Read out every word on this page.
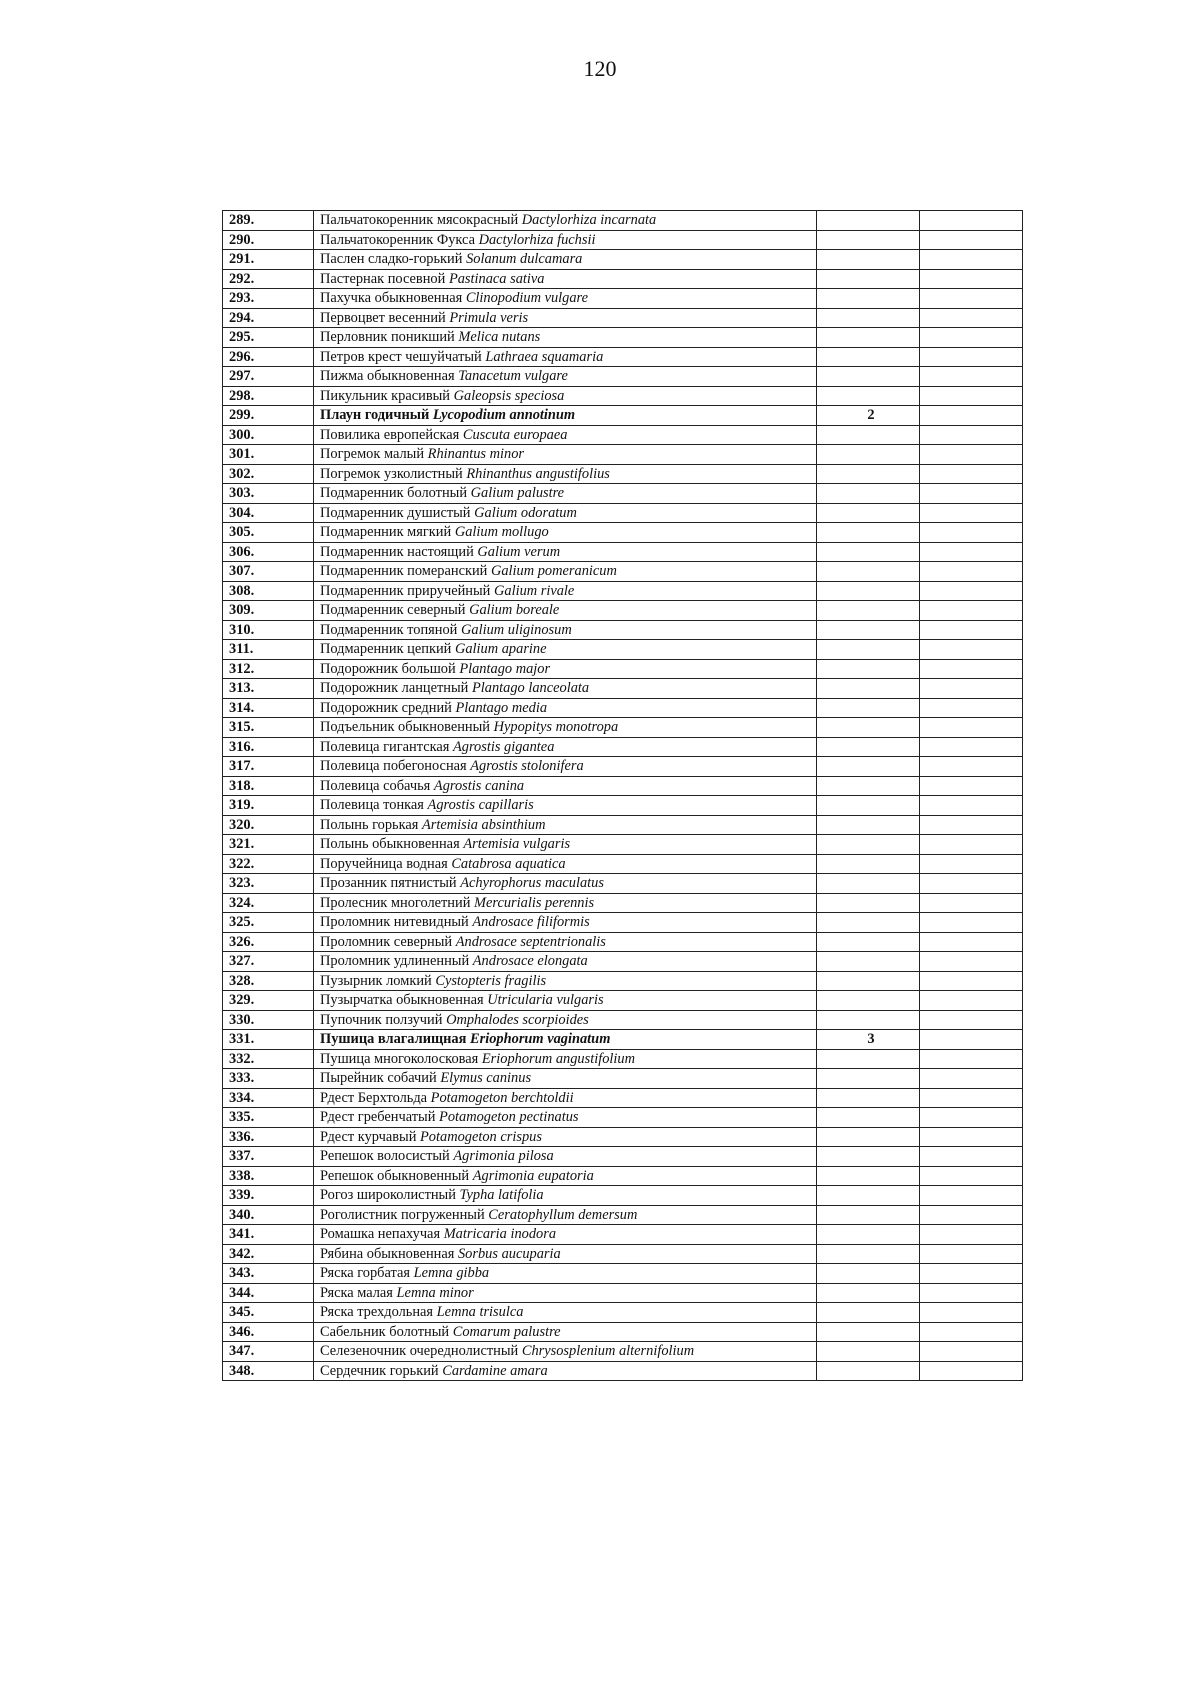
120
289.	Пальчатокоренник мясокрасный Dactylorhiza incarnata		
290.	Пальчатокоренник Фукса Dactylorhiza fuchsii		
291.	Паслен сладко-горький Solanum dulcamara		
292.	Пастернак посевной Pastinaca sativa		
293.	Пахучка обыкновенная Clinopodium vulgare		
294.	Первоцвет весенний Primula veris		
295.	Перловник поникший Melica nutans		
296.	Петров крест чешуйчатый Lathraea squamaria		
297.	Пижма обыкновенная Tanacetum vulgare		
298.	Пикульник красивый Galeopsis speciosa		
299.	Плаун годичный Lycopodium annotinum	2	
300.	Повилика европейская Cuscuta europaea		
301.	Погремок малый Rhinantus minor		
302.	Погремок узколистный Rhinanthus angustifolius		
303.	Подмаренник болотный Galium palustre		
304.	Подмаренник душистый Galium odoratum		
305.	Подмаренник мягкий Galium mollugo		
306.	Подмаренник настоящий Galium verum		
307.	Подмаренник померанский Galium pomeranicum		
308.	Подмаренник приручейный Galium rivale		
309.	Подмаренник северный Galium boreale		
310.	Подмаренник топяной Galium uliginosum		
311.	Подмаренник цепкий Galium aparine		
312.	Подорожник большой Plantago major		
313.	Подорожник ланцетный Plantago lanceolata		
314.	Подорожник средний Plantago media		
315.	Подъельник обыкновенный Hypopitys monotropa		
316.	Полевица гигантская Agrostis gigantea		
317.	Полевица побегоносная Agrostis stolonifera		
318.	Полевица собачья Agrostis canina		
319.	Полевица тонкая Agrostis capillaris		
320.	Полынь горькая Artemisia absinthium		
321.	Полынь обыкновенная Artemisia vulgaris		
322.	Поручейница водная Catabrosa aquatica		
323.	Прозанник пятнистый Achyrophorus maculatus		
324.	Пролесник многолетний Mercurialis perennis		
325.	Проломник нитевидный Androsace filiformis		
326.	Проломник северный Androsace septentrionalis		
327.	Проломник удлиненный Androsace elongata		
328.	Пузырник ломкий Cystopteris fragilis		
329.	Пузырчатка обыкновенная Utricularia vulgaris		
330.	Пупочник ползучий Omphalodes scorpioides		
331.	Пушица влагалищная Eriophorum vaginatum	3	
332.	Пушица многоколосковая Eriophorum angustifolium		
333.	Пырейник собачий Elymus caninus		
334.	Рдест Берхтольда Potamogeton berchtoldii		
335.	Рдест гребенчатый Potamogeton pectinatus		
336.	Рдест курчавый Potamogeton crispus		
337.	Репешок волосистый Agrimonia pilosa		
338.	Репешок обыкновенный Agrimonia eupatoria		
339.	Рогоз широколистный Typha latifolia		
340.	Роголистник погруженный Ceratophyllum demersum		
341.	Ромашка непахучая Matricaria inodora		
342.	Рябина обыкновенная Sorbus aucuparia		
343.	Ряска горбатая Lemna gibba		
344.	Ряска малая Lemna minor		
345.	Ряска трехдольная Lemna trisulca		
346.	Сабельник болотный Comarum palustre		
347.	Селезеночник очереднолистный Chrysosplenium alternifolium		
348.	Сердечник горький Cardamine amara		
